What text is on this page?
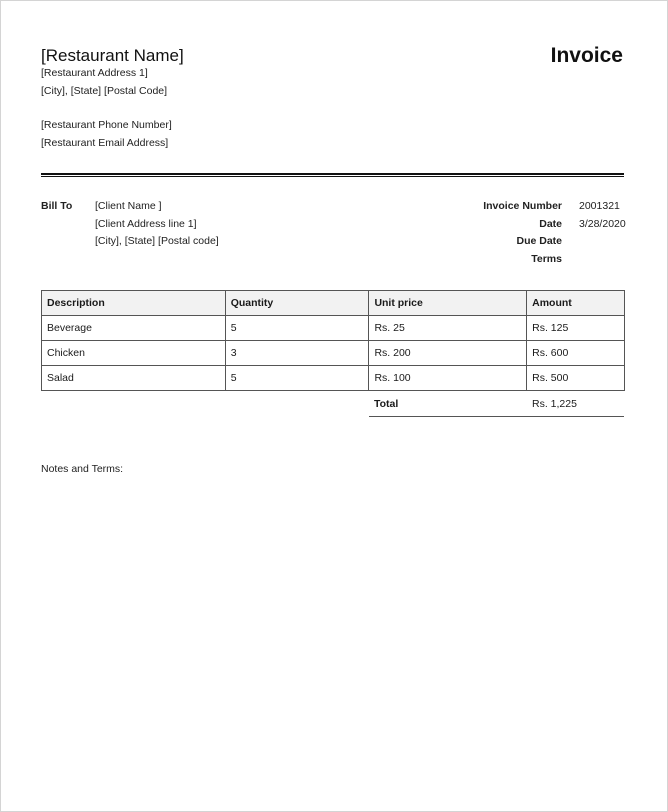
[Restaurant Name]
[Restaurant Address 1]
[City], [State] [Postal Code]
[Restaurant Phone Number]
[Restaurant Email Address]
Invoice
Bill To [Client Name ]
[Client Address line 1]
[City], [State] [Postal code]
Invoice Number 2001321
Date 3/28/2020
Due Date
Terms
Description	Quantity	Unit price	Amount
Beverage	5	Rs. 25	Rs. 125
Chicken	3	Rs. 200	Rs. 600
Salad	5	Rs. 100	Rs. 500
Total	Rs. 1,225
Notes and Terms:
